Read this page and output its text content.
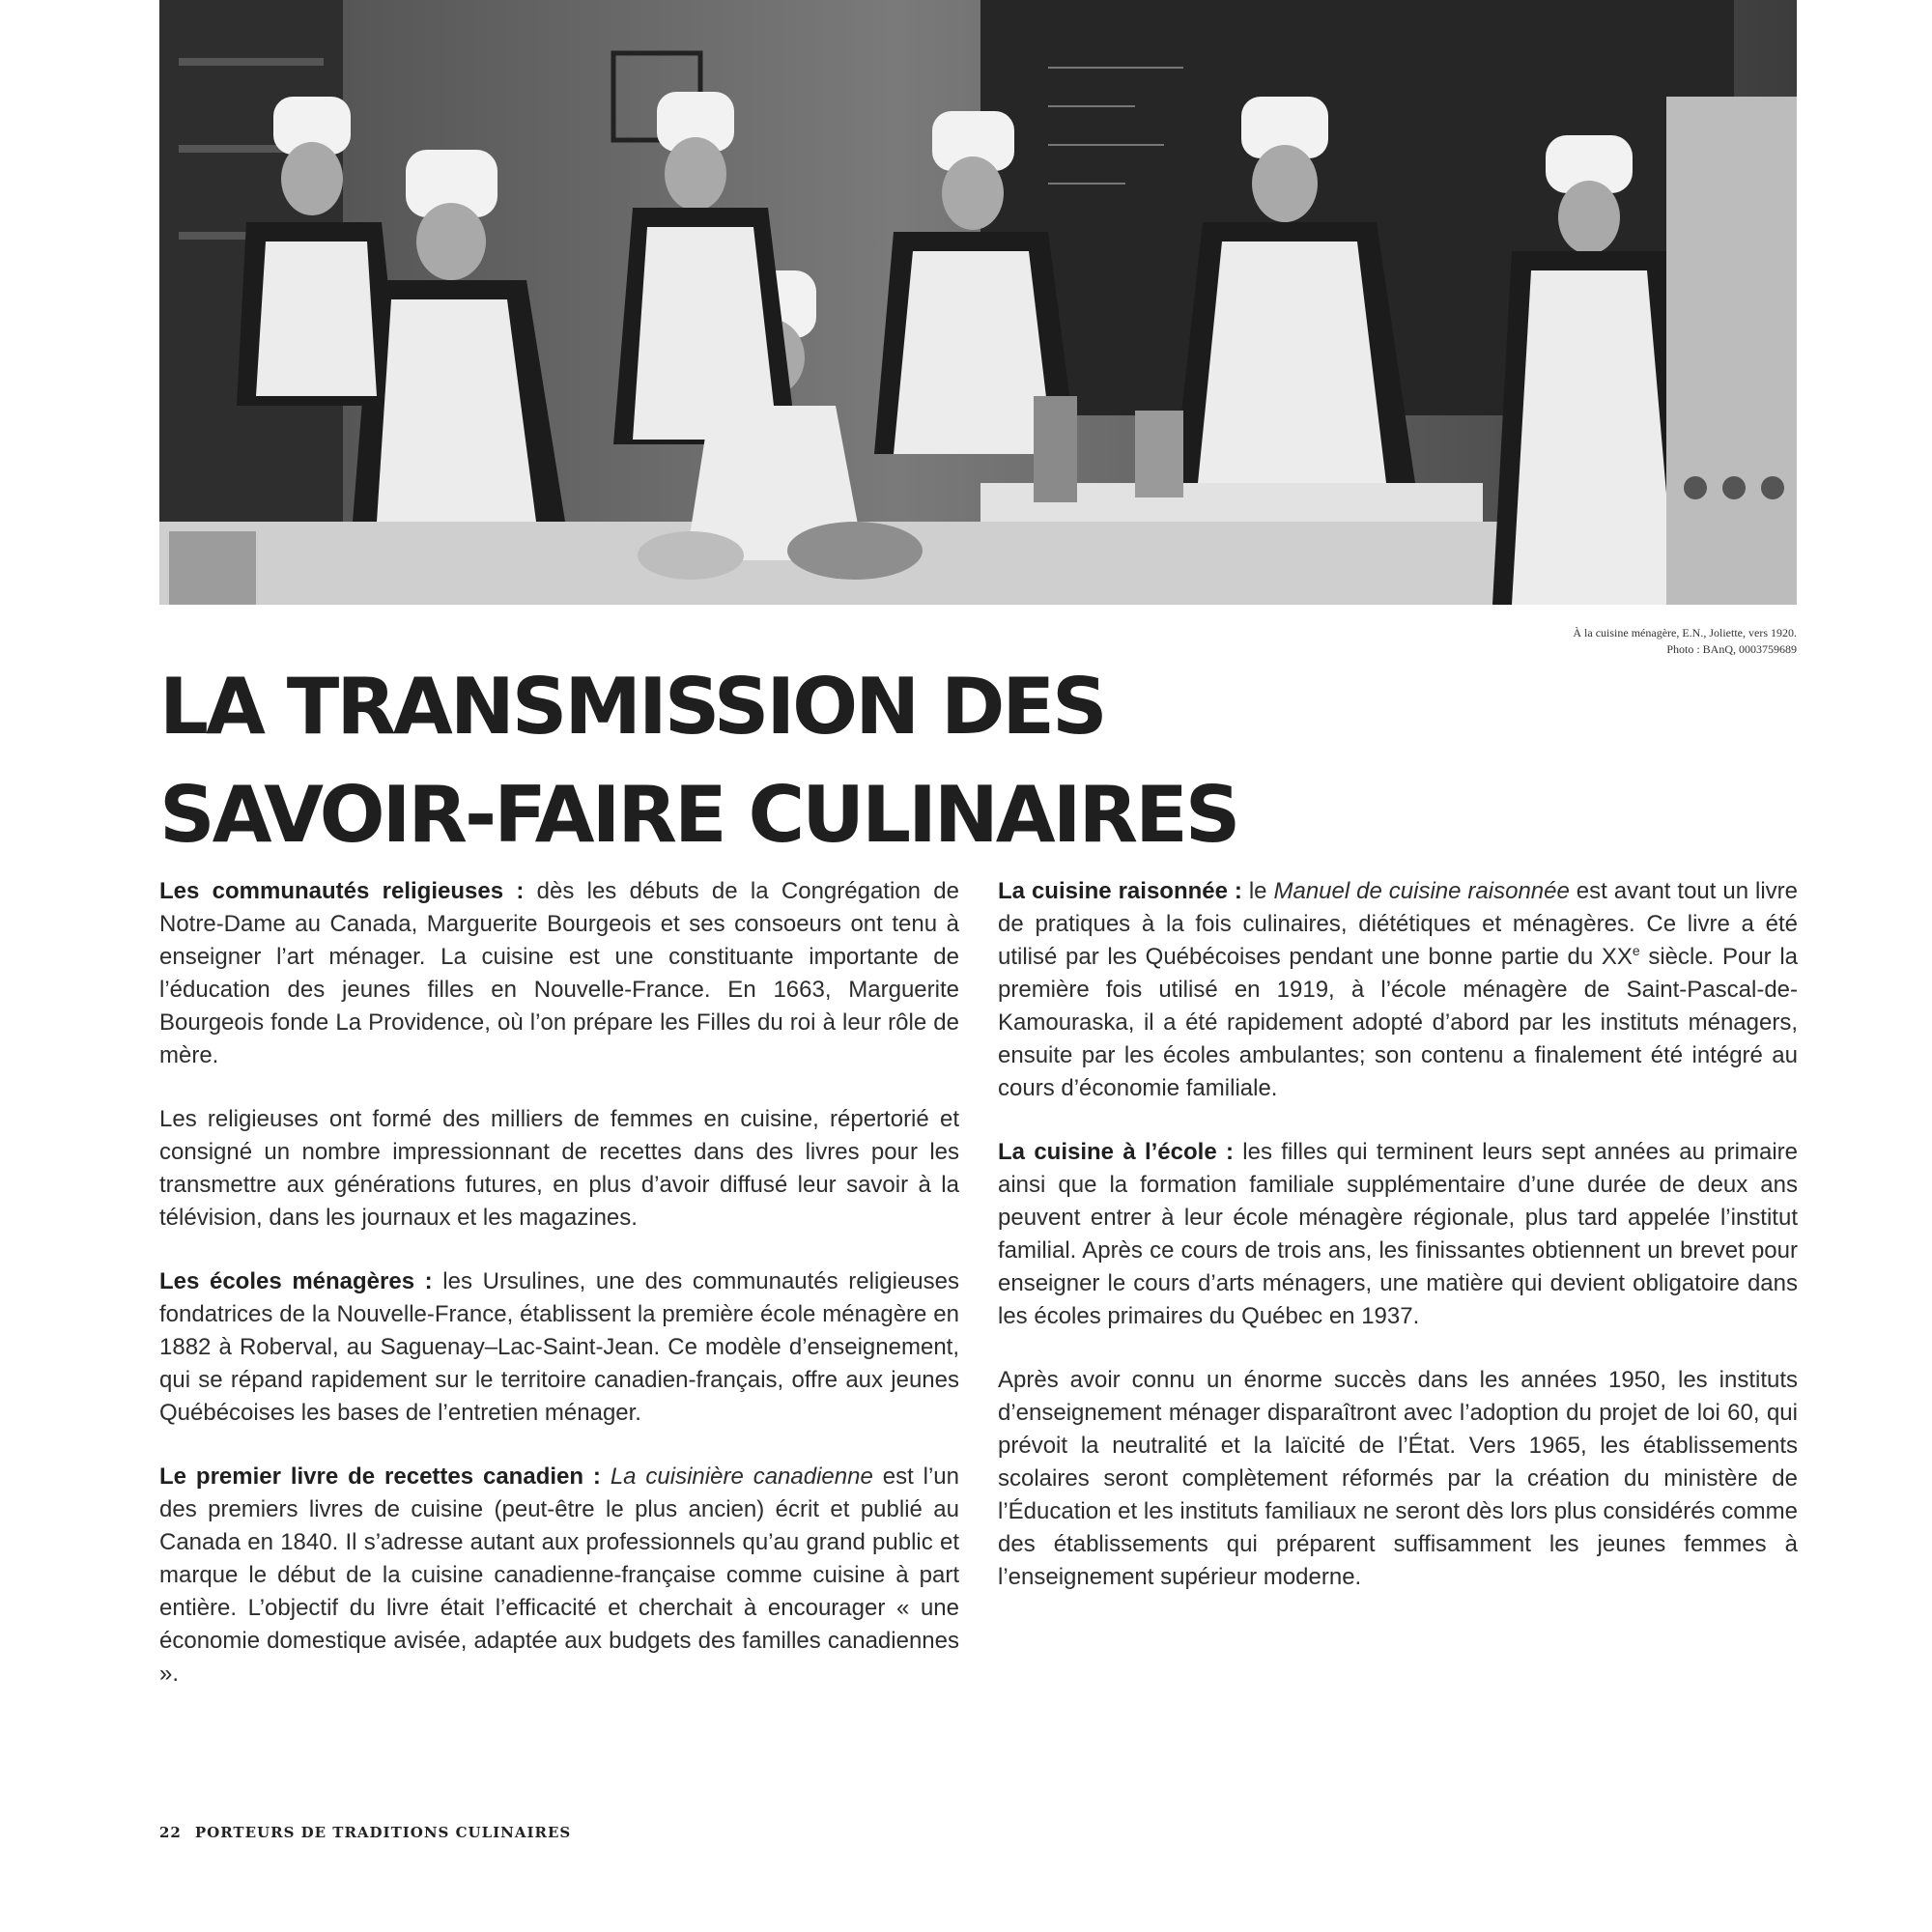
À la cuisine ménagère, E.N., Joliette, vers 1920.
Photo : BAnQ, 0003759689
LA TRANSMISSION DES
SAVOIR-FAIRE CULINAIRES

Les communautés religieuses : dès les débuts de la Congrégation de Notre-Dame au Canada, Marguerite Bourgeois et ses consoeurs ont tenu à enseigner l’art ménager. La cuisine est une constituante importante de l’éducation des jeunes filles en Nouvelle-France. En 1663, Marguerite Bourgeois fonde La Providence, où l’on prépare les Filles du roi à leur rôle de mère.

Les religieuses ont formé des milliers de femmes en cuisine, répertorié et consigné un nombre impressionnant de recettes dans des livres pour les transmettre aux générations futures, en plus d’avoir diffusé leur savoir à la télévision, dans les journaux et les magazines.

Les écoles ménagères : les Ursulines, une des communautés religieuses fondatrices de la Nouvelle-France, établissent la première école ménagère en 1882 à Roberval, au Saguenay–Lac-Saint-Jean. Ce modèle d’enseignement, qui se répand rapidement sur le territoire canadien-français, offre aux jeunes Québécoises les bases de l’entretien ménager.

Le premier livre de recettes canadien : La cuisinière canadienne est l’un des premiers livres de cuisine (peut-être le plus ancien) écrit et publié au Canada en 1840. Il s’adresse autant aux professionnels qu’au grand public et marque le début de la cuisine canadienne-française comme cuisine à part entière. L’objectif du livre était l’efficacité et cherchait à encourager « une économie domestique avisée, adaptée aux budgets des familles canadiennes ».

La cuisine raisonnée : le Manuel de cuisine raisonnée est avant tout un livre de pratiques à la fois culinaires, diététiques et ménagères. Ce livre a été utilisé par les Québécoises pendant une bonne partie du XXe siècle. Pour la première fois utilisé en 1919, à l’école ménagère de Saint-Pascal-de-Kamouraska, il a été rapidement adopté d’abord par les instituts ménagers, ensuite par les écoles ambulantes; son contenu a finalement été intégré au cours d’économie familiale.

La cuisine à l’école : les filles qui terminent leurs sept années au primaire ainsi que la formation familiale supplémentaire d’une durée de deux ans peuvent entrer à leur école ménagère régionale, plus tard appelée l’institut familial. Après ce cours de trois ans, les finissantes obtiennent un brevet pour enseigner le cours d’arts ménagers, une matière qui devient obligatoire dans les écoles primaires du Québec en 1937.

Après avoir connu un énorme succès dans les années 1950, les instituts d’enseignement ménager disparaîtront avec l’adoption du projet de loi 60, qui prévoit la neutralité et la laïcité de l’État. Vers 1965, les établissements scolaires seront complètement réformés par la création du ministère de l’Éducation et les instituts familiaux ne seront dès lors plus considérés comme des établissements qui préparent suffisamment les jeunes femmes à l’enseignement supérieur moderne.

22 PORTEURS DE TRADITIONS CULINAIRES
